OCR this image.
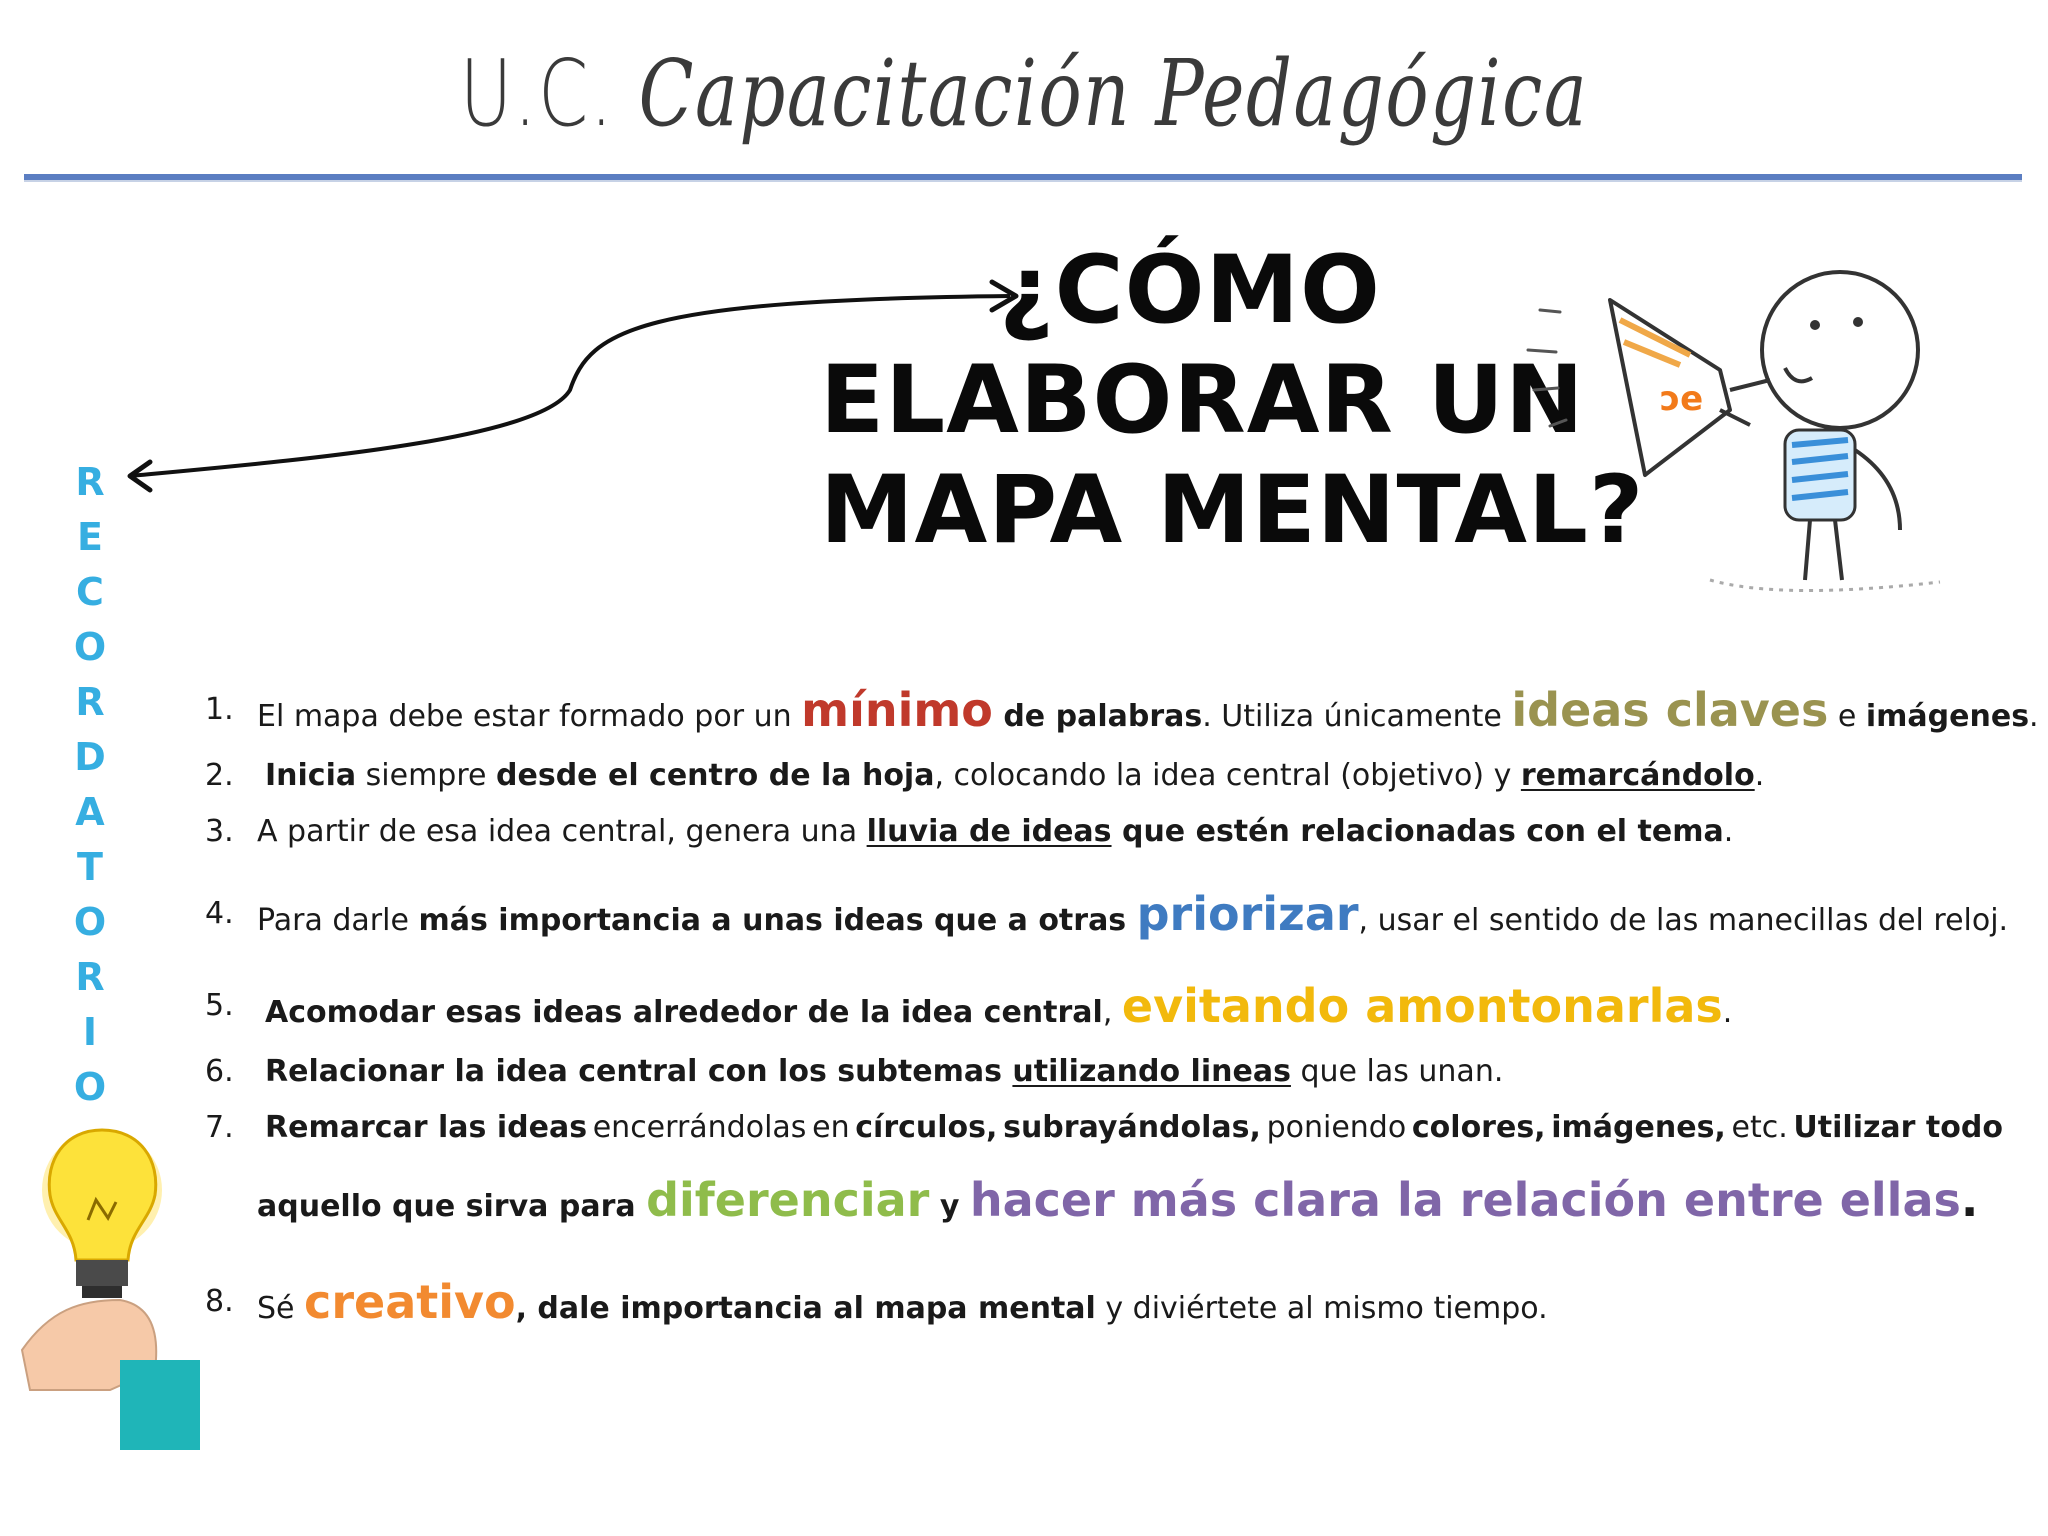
U.C. Capacitación Pedagógica
R
E
C
O
R
D
A
T
O
R
I
O
¿CÓMO
ELABORAR UN
MAPA MENTAL?
ɔe
1. El mapa debe estar formado por un mínimo de palabras. Utiliza únicamente ideas claves e imágenes.
2.	Inicia siempre desde el centro de la hoja, colocando la idea central (objetivo) y remarcándolo.
3. A partir de esa idea central, genera una lluvia de ideas que estén relacionadas con el tema.
4. Para darle más importancia a unas ideas que a otras priorizar, usar el sentido de las manecillas del reloj.
5.	Acomodar esas ideas alrededor de la idea central, evitando amontonarlas.
6.	Relacionar la idea central con los subtemas utilizando lineas que las unan.
7.	Remarcar las ideas encerrándolas en círculos, subrayándolas, poniendo colores, imágenes, etc. Utilizar todo
aquello que sirva para diferenciar y hacer más clara la relación entre ellas.
8. Sé creativo, dale importancia al mapa mental y diviértete al mismo tiempo.
